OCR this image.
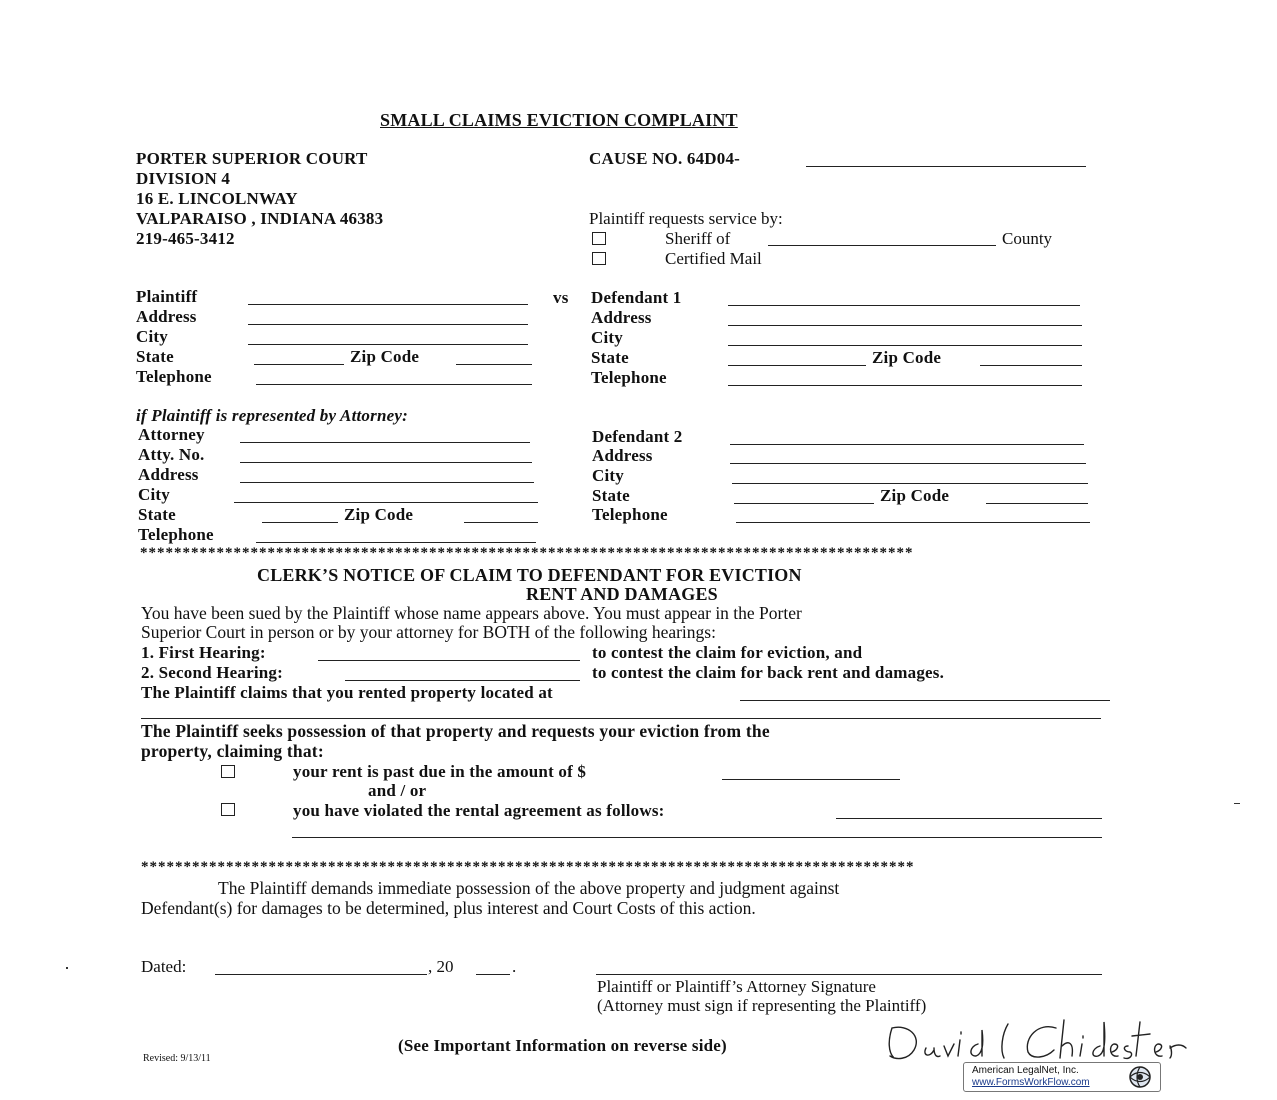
SMALL CLAIMS EVICTION COMPLAINT
PORTER SUPERIOR COURT
DIVISION 4
16 E. LINCOLNWAY
VALPARAISO , INDIANA 46383
219-465-3412
CAUSE NO. 64D04-
Plaintiff requests service by:
Sheriff of	County
Certified Mail
Plaintiff
Address
City
State	Zip Code
Telephone
vs Defendant 1
Address
City
State	Zip Code
Telephone
if Plaintiff is represented by Attorney:
Attorney
Atty. No.
Address
City
State	Zip Code
Telephone
Defendant 2
Address
City
State	Zip Code
Telephone
*******************************************************************************************
CLERK’S NOTICE OF CLAIM TO DEFENDANT FOR EVICTION
RENT AND DAMAGES
You have been sued by the Plaintiff whose name appears above. You must appear in the Porter
Superior Court in person or by your attorney for BOTH of the following hearings:
1. First Hearing:	to contest the claim for eviction, and
2. Second Hearing:	to contest the claim for back rent and damages.
The Plaintiff claims that you rented property located at
The Plaintiff seeks possession of that property and requests your eviction from the
property, claiming that:
your rent is past due in the amount of $
and / or
you have violated the rental agreement as follows:
*******************************************************************************************
The Plaintiff demands immediate possession of the above property and judgment against
Defendant(s) for damages to be determined, plus interest and Court Costs of this action.
Dated:	, 20	.
Plaintiff or Plaintiff’s Attorney Signature
(Attorney must sign if representing the Plaintiff)
(See Important Information on reverse side)
Revised: 9/13/11
American LegalNet, Inc.
www.FormsWorkFlow.com
